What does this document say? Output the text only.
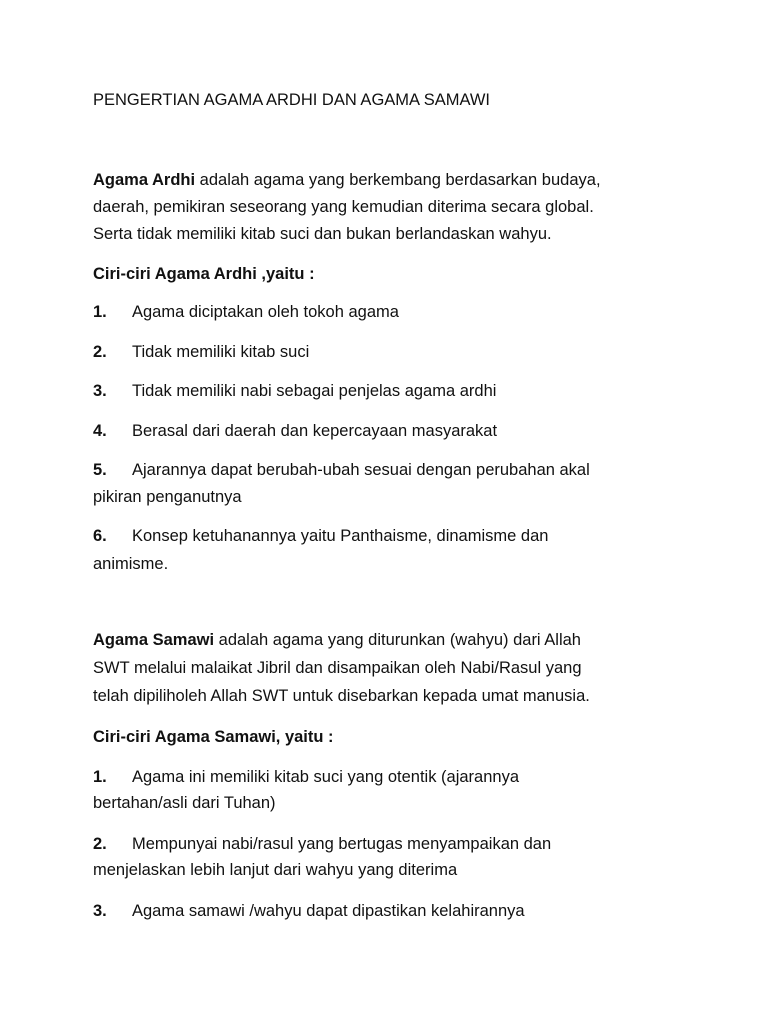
PENGERTIAN AGAMA ARDHI DAN AGAMA SAMAWI
Agama Ardhi adalah agama yang berkembang berdasarkan budaya,
daerah, pemikiran seseorang yang kemudian diterima secara global.
Serta tidak memiliki kitab suci dan bukan berlandaskan wahyu.
Ciri-ciri Agama Ardhi ,yaitu :
1. Agama diciptakan oleh tokoh agama
2. Tidak memiliki kitab suci
3. Tidak memiliki nabi sebagai penjelas agama ardhi
4. Berasal dari daerah dan kepercayaan masyarakat
5. Ajarannya dapat berubah-ubah sesuai dengan perubahan akal
pikiran penganutnya
6. Konsep ketuhanannya yaitu Panthaisme, dinamisme dan
animisme.
Agama Samawi adalah agama yang diturunkan (wahyu) dari Allah
SWT melalui malaikat Jibril dan disampaikan oleh Nabi/Rasul yang
telah dipiliholeh Allah SWT untuk disebarkan kepada umat manusia.
Ciri-ciri Agama Samawi, yaitu :
1. Agama ini memiliki kitab suci yang otentik (ajarannya
bertahan/asli dari Tuhan)
2. Mempunyai nabi/rasul yang bertugas menyampaikan dan
menjelaskan lebih lanjut dari wahyu yang diterima
3. Agama samawi /wahyu dapat dipastikan kelahirannya
